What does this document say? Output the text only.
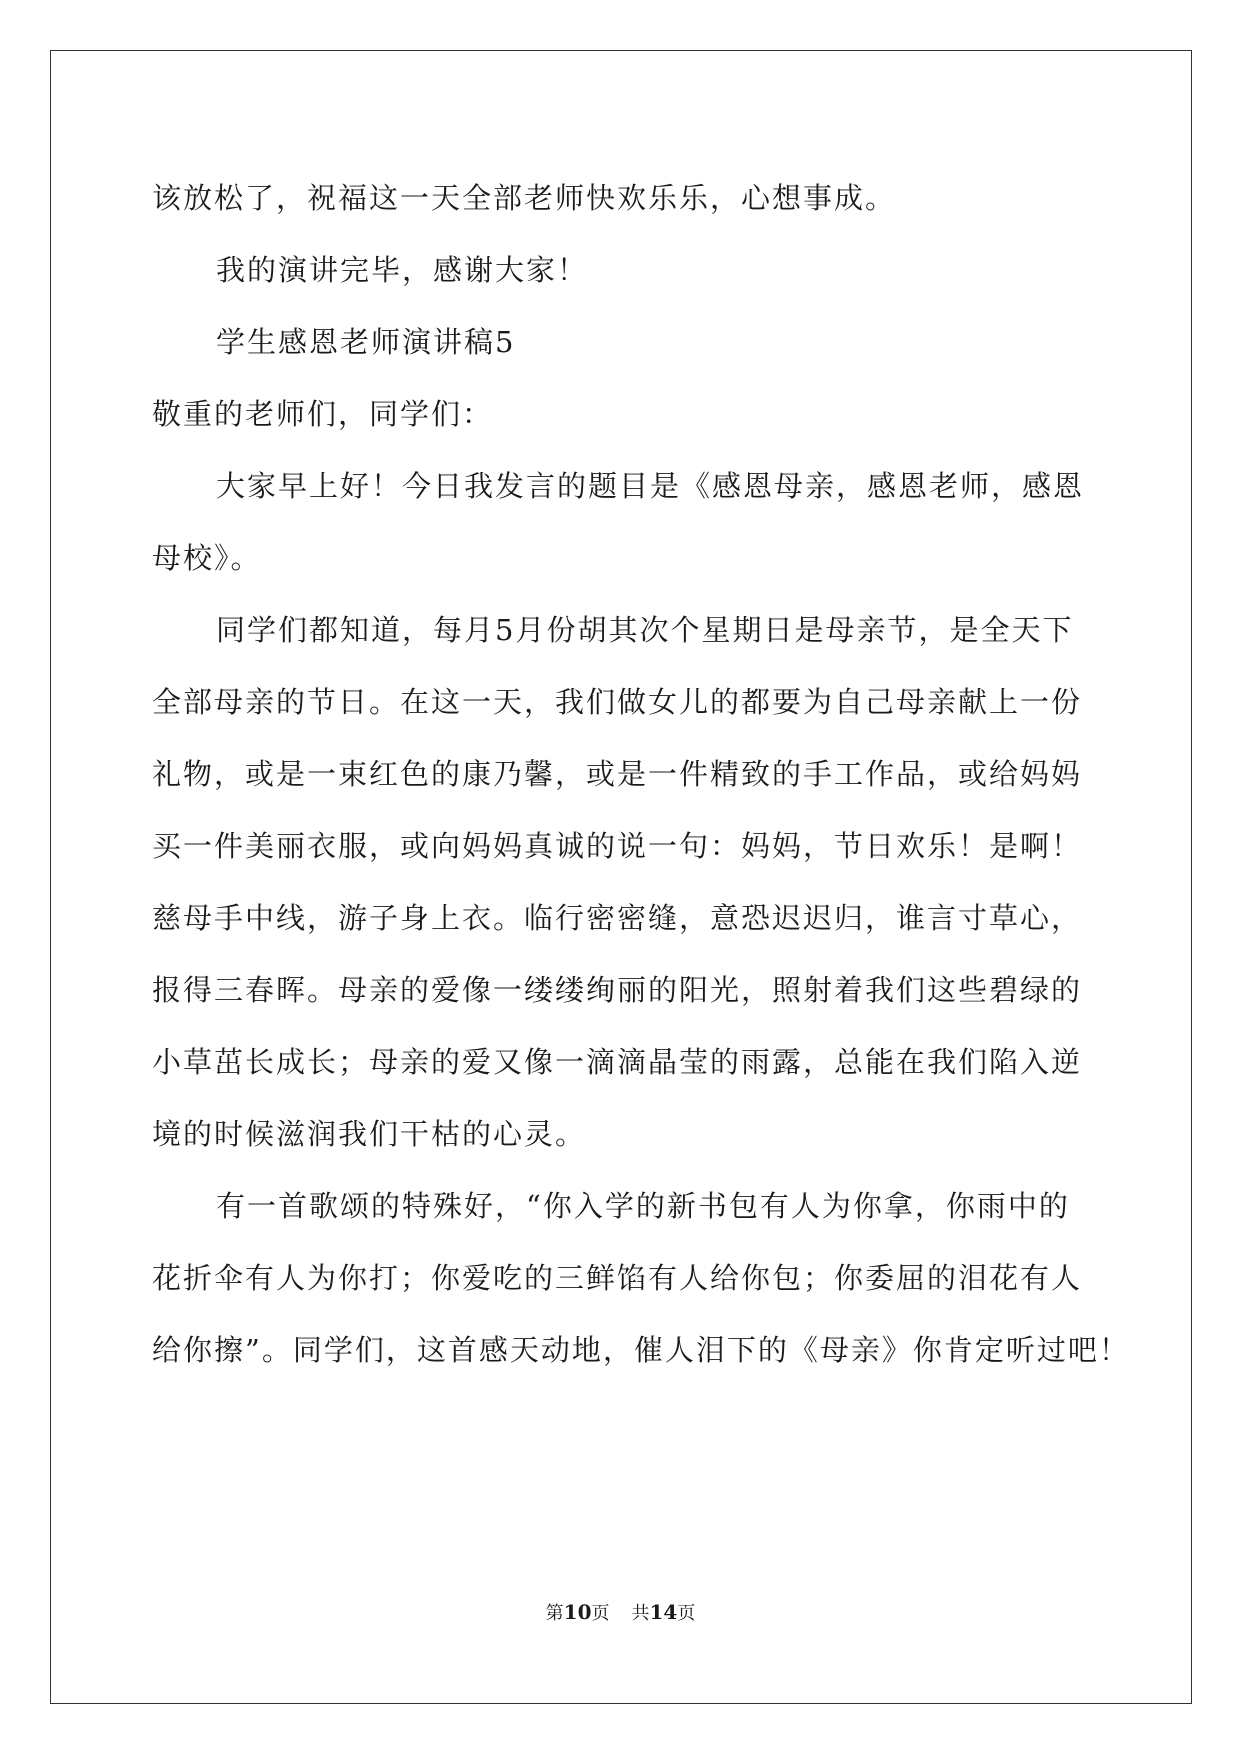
该放松了，祝福这一天全部老师快欢乐乐，心想事成。
我的演讲完毕，感谢大家！
学生感恩老师演讲稿5
敬重的老师们，同学们：
大家早上好！今日我发言的题目是《感恩母亲，感恩老师，感恩
母校》。
同学们都知道，每月5月份胡其次个星期日是母亲节，是全天下
全部母亲的节日。在这一天，我们做女儿的都要为自己母亲献上一份
礼物，或是一束红色的康乃馨，或是一件精致的手工作品，或给妈妈
买一件美丽衣服，或向妈妈真诚的说一句：妈妈，节日欢乐！是啊！
慈母手中线，游子身上衣。临行密密缝，意恐迟迟归，谁言寸草心，
报得三春晖。母亲的爱像一缕缕绚丽的阳光，照射着我们这些碧绿的
小草茁长成长；母亲的爱又像一滴滴晶莹的雨露，总能在我们陷入逆
境的时候滋润我们干枯的心灵。
有一首歌颂的特殊好，“你入学的新书包有人为你拿，你雨中的
花折伞有人为你打；你爱吃的三鲜馅有人给你包；你委屈的泪花有人
给你擦”。同学们，这首感天动地，催人泪下的《母亲》你肯定听过吧！
第10页 共14页
